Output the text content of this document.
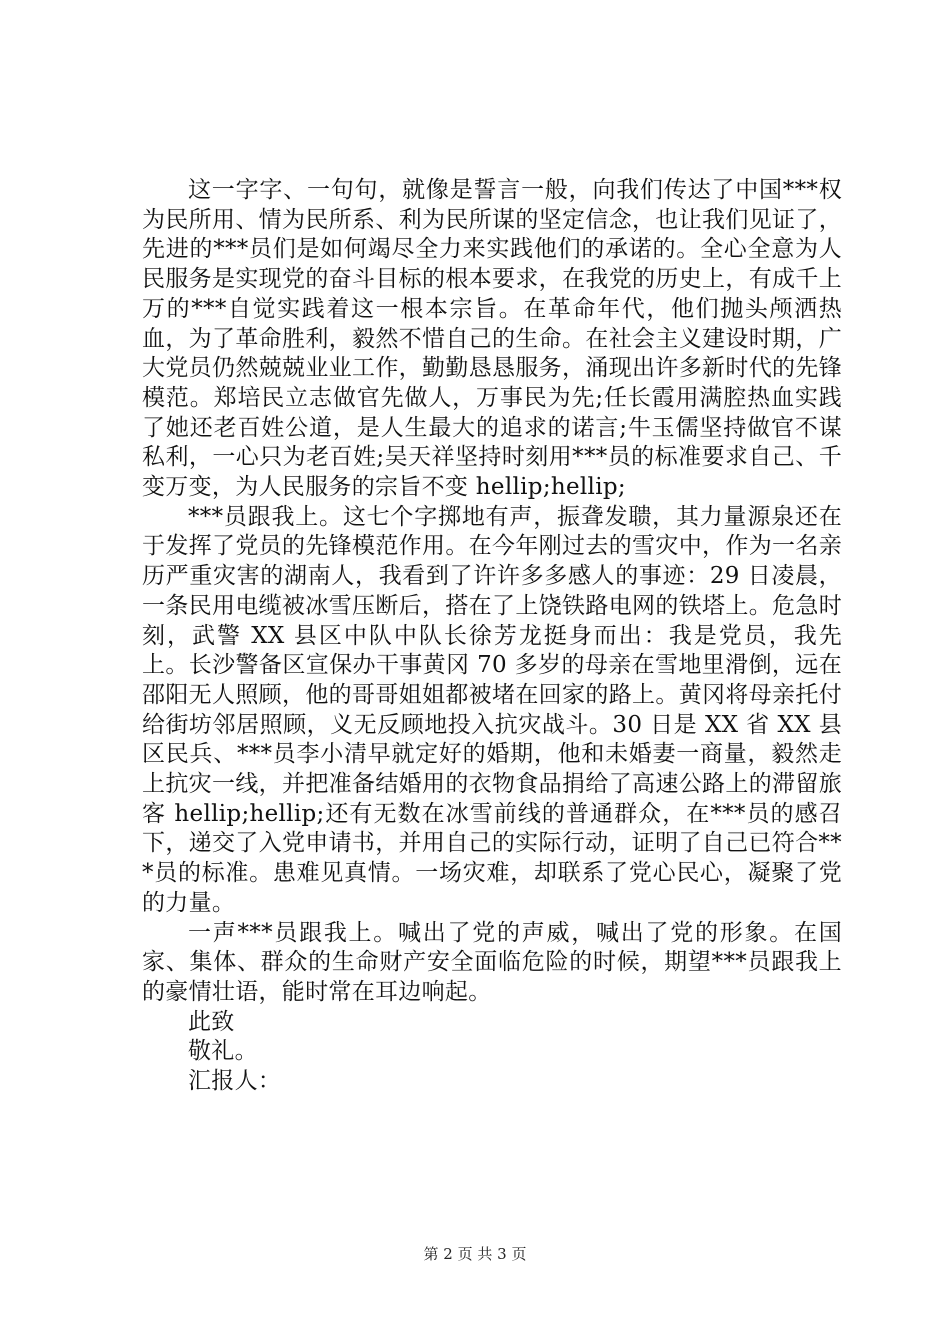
这一字字、一句句，就像是誓言一般，向我们传达了中国***权为民所用、情为民所系、利为民所谋的坚定信念，也让我们见证了，先进的***员们是如何竭尽全力来实践他们的承诺的。全心全意为人民服务是实现党的奋斗目标的根本要求，在我党的历史上，有成千上万的***自觉实践着这一根本宗旨。在革命年代，他们抛头颅洒热血，为了革命胜利，毅然不惜自己的生命。在社会主义建设时期，广大党员仍然兢兢业业工作，勤勤恳恳服务，涌现出许多新时代的先锋模范。郑培民立志做官先做人，万事民为先;任长霞用满腔热血实践了她还老百姓公道，是人生最大的追求的诺言;牛玉儒坚持做官不谋私利，一心只为老百姓;吴天祥坚持时刻用***员的标准要求自己、千变万变，为人民服务的宗旨不变 hellip;hellip;

***员跟我上。这七个字掷地有声，振聋发聩，其力量源泉还在于发挥了党员的先锋模范作用。在今年刚过去的雪灾中，作为一名亲历严重灾害的湖南人，我看到了许许多多感人的事迹：29 日凌晨，一条民用电缆被冰雪压断后，搭在了上饶铁路电网的铁塔上。危急时刻，武警 XX 县区中队中队长徐芳龙挺身而出：我是党员，我先上。长沙警备区宣保办干事黄冈 70 多岁的母亲在雪地里滑倒，远在邵阳无人照顾，他的哥哥姐姐都被堵在回家的路上。黄冈将母亲托付给街坊邻居照顾，义无反顾地投入抗灾战斗。30 日是 XX 省 XX 县区民兵、***员李小清早就定好的婚期，他和未婚妻一商量，毅然走上抗灾一线，并把准备结婚用的衣物食品捐给了高速公路上的滞留旅客 hellip;hellip;还有无数在冰雪前线的普通群众，在***员的感召下，递交了入党申请书，并用自己的实际行动，证明了自己已符合***员的标准。患难见真情。一场灾难，却联系了党心民心，凝聚了党的力量。

一声***员跟我上。喊出了党的声威，喊出了党的形象。在国家、集体、群众的生命财产安全面临危险的时候，期望***员跟我上的豪情壮语，能时常在耳边响起。

此致

敬礼。

汇报人：

第 2 页 共 3 页
